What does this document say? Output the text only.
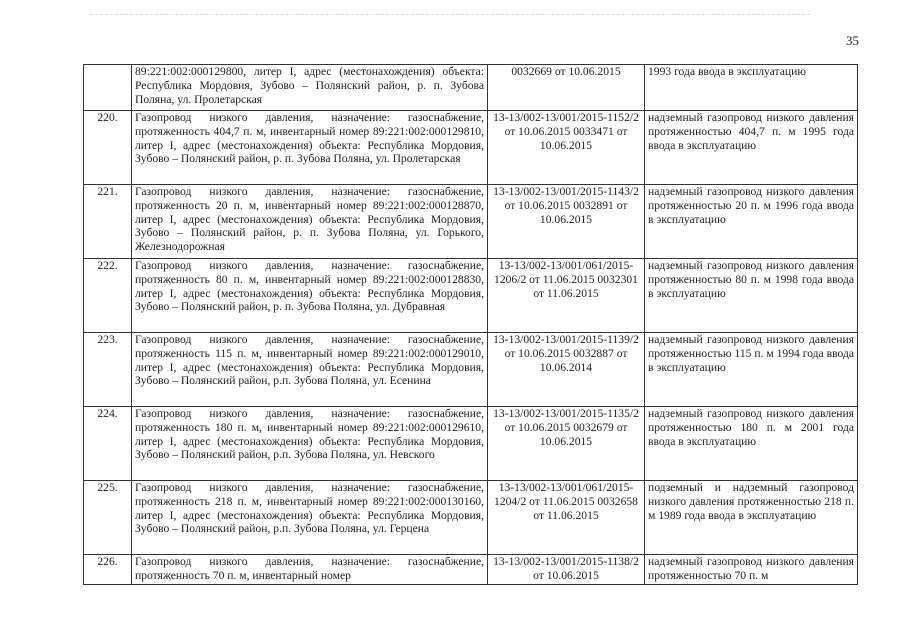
35
	89:221:002:000129800, литер I, адрес (местонахождения) объекта: Республика Мордовия, Зубово – Полянский район, р. п. Зубова Поляна, ул. Пролетарская	0032669 от 10.06.2015	1993 года ввода в эксплуатацию
220.	Газопровод низкого давления, назначение: газоснабжение, протяженность 404,7 п. м, инвентарный номер 89:221:002:000129810, литер I, адрес (местонахождения) объекта: Республика Мордовия, Зубово – Полянский район, р. п. Зубова Поляна, ул. Пролетарская	13-13/002-13/001/2015-1152/2 от 10.06.2015 0033471 от 10.06.2015	надземный газопровод низкого давления протяженностью 404,7 п. м 1995 года ввода в эксплуатацию
221.	Газопровод низкого давления, назначение: газоснабжение, протяженность 20 п. м, инвентарный номер 89:221:002:000128870, литер I, адрес (местонахождения) объекта: Республика Мордовия, Зубово – Полянский район, р. п. Зубова Поляна, ул. Горького, Железнодорожная	13-13/002-13/001/2015-1143/2 от 10.06.2015 0032891 от 10.06.2015	надземный газопровод низкого давления протяженностью 20 п. м 1996 года ввода в эксплуатацию
222.	Газопровод низкого давления, назначение: газоснабжение, протяженность 80 п. м, инвентарный номер 89:221:002:000128830, литер I, адрес (местонахождения) объекта: Республика Мордовия, Зубово – Полянский район, р. п. Зубова Поляна, ул. Дубравная	13-13/002-13/001/061/2015-1206/2 от 11.06.2015 0032301 от 11.06.2015	надземный газопровод низкого давления протяженностью 80 п. м 1998 года ввода в эксплуатацию
223.	Газопровод низкого давления, назначение: газоснабжение, протяженность 115 п. м, инвентарный номер 89:221:002:000129010, литер I, адрес (местонахождения) объекта: Республика Мордовия, Зубово – Полянский район, р.п. Зубова Поляна, ул. Есенина	13-13/002-13/001/2015-1139/2 от 10.06.2015 0032887 от 10.06.2014	надземный газопровод низкого давления протяженностью 115 п. м 1994 года ввода в эксплуатацию
224.	Газопровод низкого давления, назначение: газоснабжение, протяженность 180 п. м, инвентарный номер 89:221:002:000129610, литер I, адрес (местонахождения) объекта: Республика Мордовия, Зубово – Полянский район, р.п. Зубова Поляна, ул. Невского	13-13/002-13/001/2015-1135/2 от 10.06.2015 0032679 от 10.06.2015	надземный газопровод низкого давления протяженностью 180 п. м 2001 года ввода в эксплуатацию
225.	Газопровод низкого давления, назначение: газоснабжение, протяженность 218 п. м, инвентарный номер 89:221:002:000130160, литер I, адрес (местонахождения) объекта: Республика Мордовия, Зубово – Полянский район, р.п. Зубова Поляна, ул. Герцена	13-13/002-13/001/061/2015-1204/2 от 11.06.2015 0032658 от 11.06.2015	подземный и надземный газопровод низкого давления протяженностью 218 п. м 1989 года ввода в эксплуатацию
226.	Газопровод низкого давления, назначение: газоснабжение, протяженность 70 п. м, инвентарный номер	13-13/002-13/001/2015-1138/2 от 10.06.2015	надземный газопровод низкого давления протяженностью 70 п. м
